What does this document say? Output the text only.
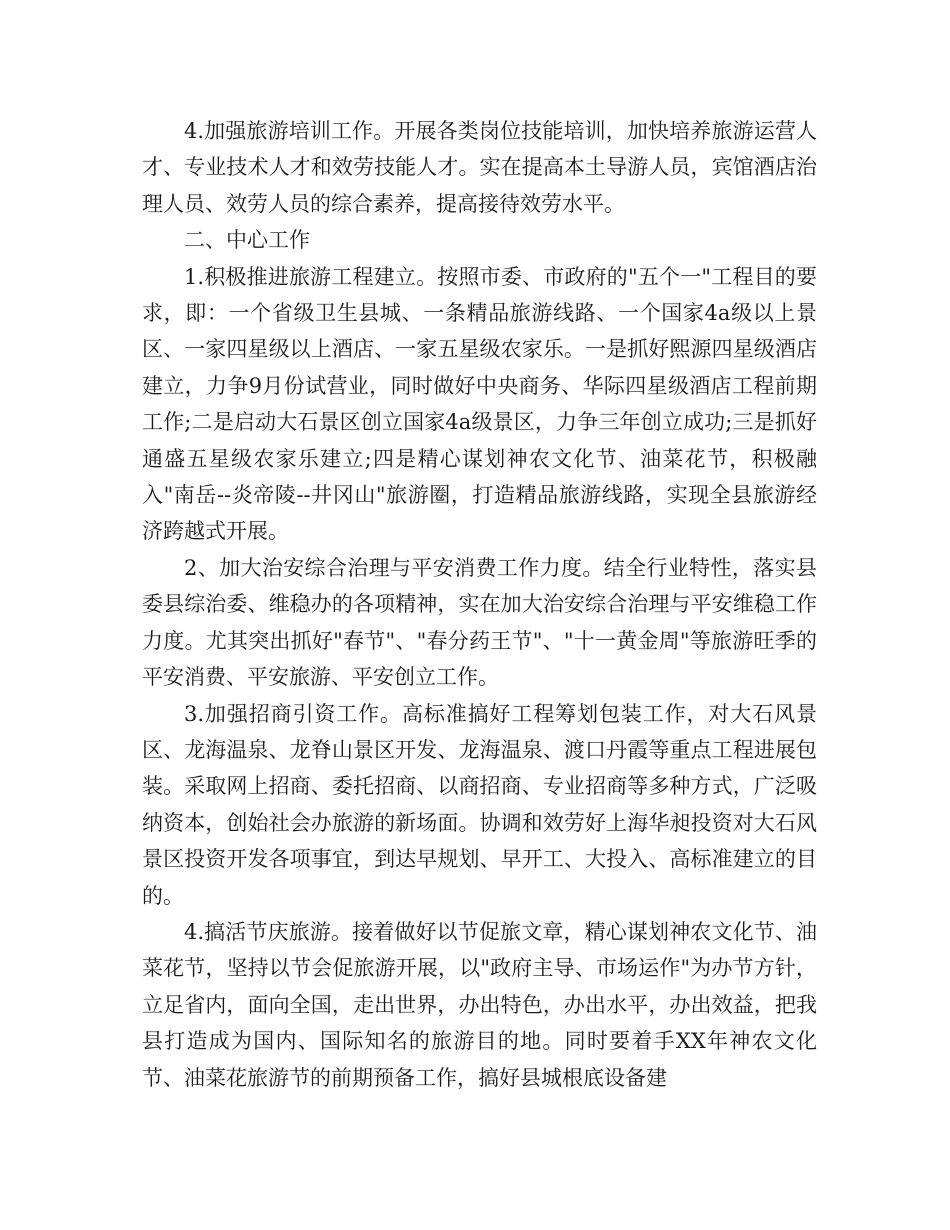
4.加强旅游培训工作。开展各类岗位技能培训，加快培养旅游运营人才、专业技术人才和效劳技能人才。实在提高本土导游人员，宾馆酒店治理人员、效劳人员的综合素养，提高接待效劳水平。

二、中心工作

1.积极推进旅游工程建立。按照市委、市政府的"五个一"工程目的要求，即：一个省级卫生县城、一条精品旅游线路、一个国家4a级以上景区、一家四星级以上酒店、一家五星级农家乐。一是抓好熙源四星级酒店建立，力争9月份试营业，同时做好中央商务、华际四星级酒店工程前期工作;二是启动大石景区创立国家4a级景区，力争三年创立成功;三是抓好通盛五星级农家乐建立;四是精心谋划神农文化节、油菜花节，积极融入"南岳--炎帝陵--井冈山"旅游圈，打造精品旅游线路，实现全县旅游经济跨越式开展。

2、加大治安综合治理与平安消费工作力度。结全行业特性，落实县委县综治委、维稳办的各项精神，实在加大治安综合治理与平安维稳工作力度。尤其突出抓好"春节"、"春分药王节"、"十一黄金周"等旅游旺季的平安消费、平安旅游、平安创立工作。

3.加强招商引资工作。高标准搞好工程筹划包装工作，对大石风景区、龙海温泉、龙脊山景区开发、龙海温泉、渡口丹霞等重点工程进展包装。采取网上招商、委托招商、以商招商、专业招商等多种方式，广泛吸纳资本，创始社会办旅游的新场面。协调和效劳好上海华昶投资对大石风景区投资开发各项事宜，到达早规划、早开工、大投入、高标准建立的目的。

4.搞活节庆旅游。接着做好以节促旅文章，精心谋划神农文化节、油菜花节，坚持以节会促旅游开展，以"政府主导、市场运作"为办节方针，立足省内，面向全国，走出世界，办出特色，办出水平，办出效益，把我县打造成为国内、国际知名的旅游目的地。同时要着手XX年神农文化节、油菜花旅游节的前期预备工作，搞好县城根底设备建
